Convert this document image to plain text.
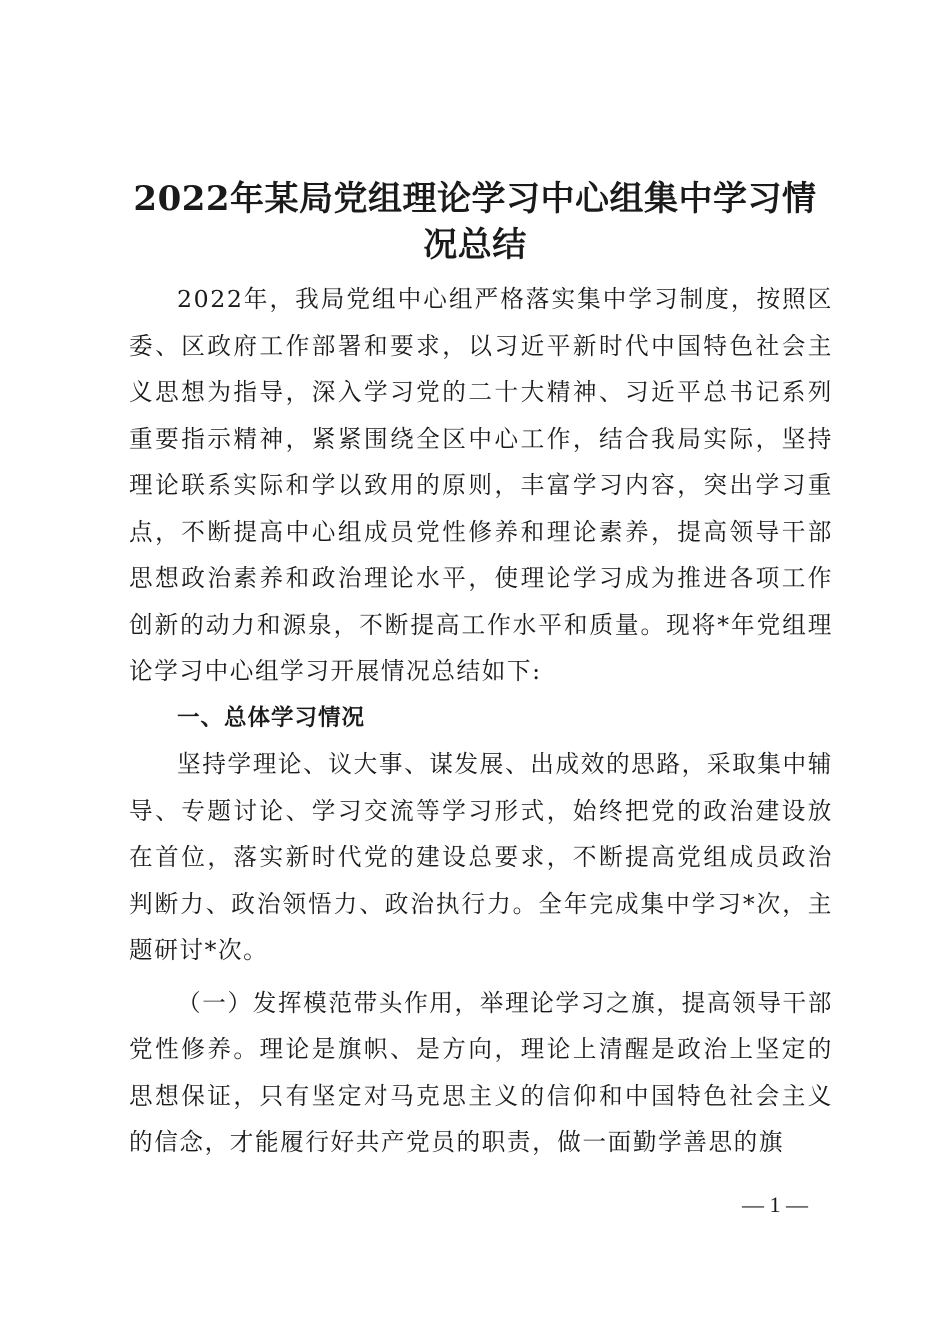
2022年某局党组理论学习中心组集中学习情况总结

2022年，我局党组中心组严格落实集中学习制度，按照区委、区政府工作部署和要求，以习近平新时代中国特色社会主义思想为指导，深入学习党的二十大精神、习近平总书记系列重要指示精神，紧紧围绕全区中心工作，结合我局实际，坚持理论联系实际和学以致用的原则，丰富学习内容，突出学习重点，不断提高中心组成员党性修养和理论素养，提高领导干部思想政治素养和政治理论水平，使理论学习成为推进各项工作创新的动力和源泉，不断提高工作水平和质量。现将*年党组理论学习中心组学习开展情况总结如下:

一、总体学习情况

坚持学理论、议大事、谋发展、出成效的思路，采取集中辅导、专题讨论、学习交流等学习形式，始终把党的政治建设放在首位，落实新时代党的建设总要求，不断提高党组成员政治判断力、政治领悟力、政治执行力。全年完成集中学习*次，主题研讨*次。

（一）发挥模范带头作用，举理论学习之旗，提高领导干部党性修养。理论是旗帜、是方向，理论上清醒是政治上坚定的思想保证，只有坚定对马克思主义的信仰和中国特色社会主义的信念，才能履行好共产党员的职责，做一面勤学善思的旗

— 1 —
